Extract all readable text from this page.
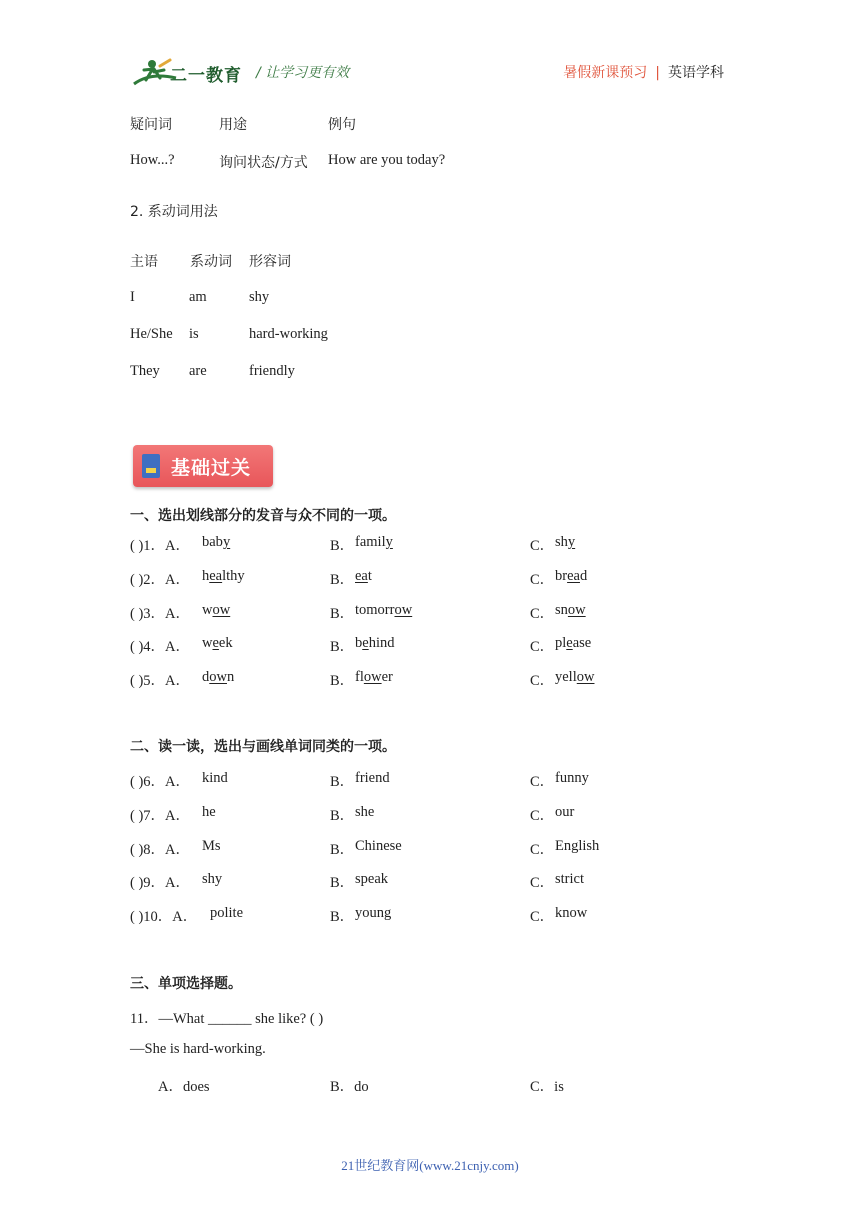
二一教育 / 让学习更有效	暑假新课预习 | 英语学科
疑问词	用途	例句
How...?	询问状态/方式 How are you today?
2. 系动词用法
主语 系动词 形容词
I	am	shy
He/She is	hard-working
They are	friendly
基础过关
一、选出划线部分的发音与众不同的一项。
( )1．A． baby	B． family	C． shy
( )2．A． healthy	B． eat	C． bread
( )3．A． wow	B． tomorrow	C． snow
( )4．A． week	B． behind	C． please
( )5．A． down	B． flower	C． yellow
二、读一读，选出与画线单词同类的一项。
( )6．A． kind	B． friend	C． funny
( )7．A． he	B． she	C． our
( )8．A． Ms	B． Chinese	C． English
( )9．A． shy	B． speak	C． strict
( )10．A． polite	B． young	C． know
三、单项选择题。
11．—What ______ she like? ( )
—She is hard-working.
A．does	B．do	C．is
21世纪教育网(www.21cnjy.com)
